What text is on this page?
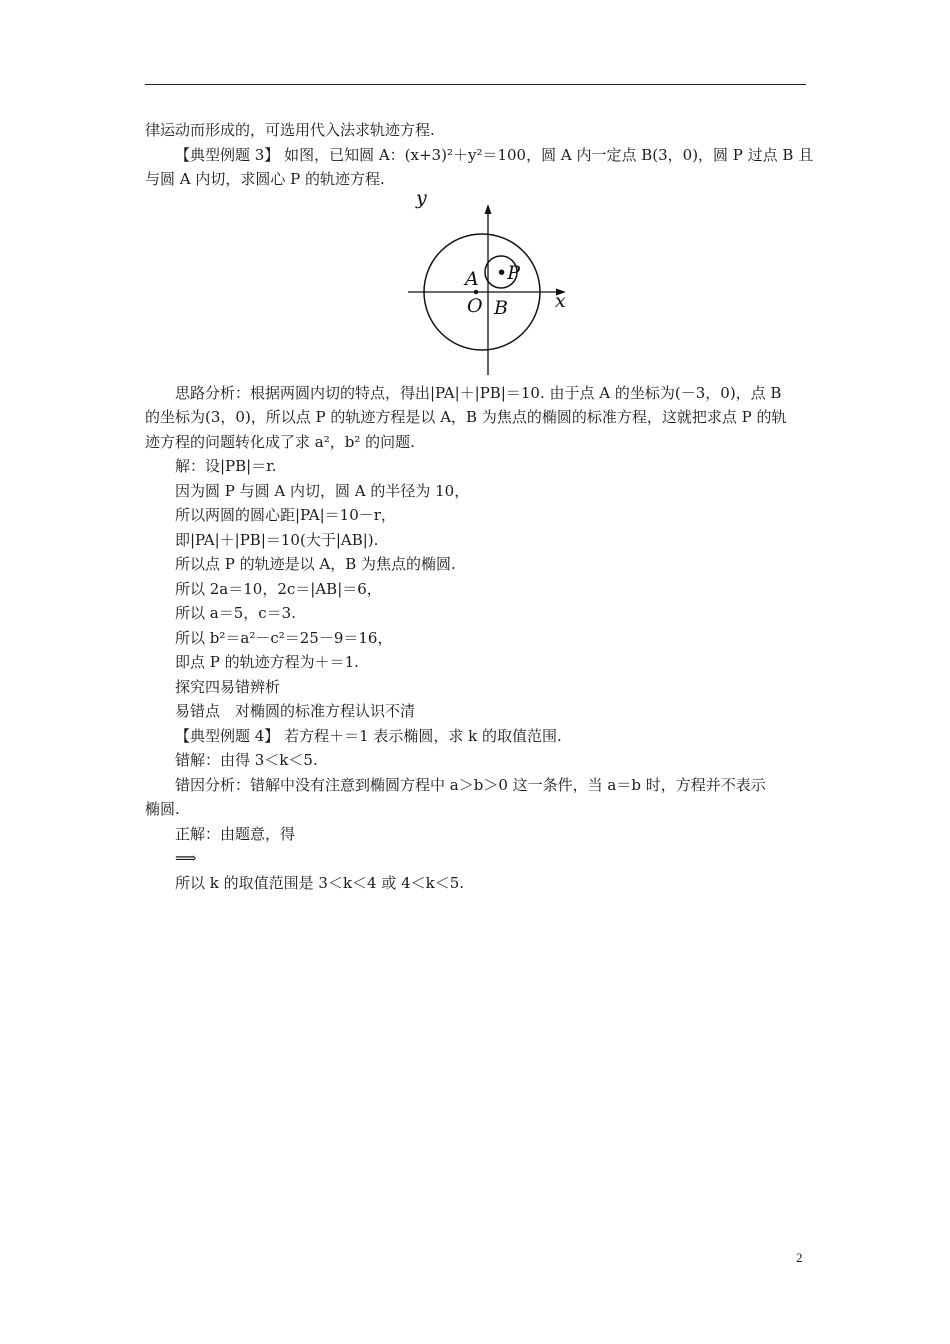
律运动而形成的，可选用代入法求轨迹方程.
【典型例题 3】 如图，已知圆 A：(x+3)²＋y²＝100，圆 A 内一定点 B(3，0)，圆 P 过点 B 且
与圆 A 内切，求圆心 P 的轨迹方程.
y
x
A •P
O B
思路分析：根据两圆内切的特点，得出|PA|＋|PB|＝10. 由于点 A 的坐标为(－3，0)，点 B
的坐标为(3，0)，所以点 P 的轨迹方程是以 A，B 为焦点的椭圆的标准方程，这就把求点 P 的轨
迹方程的问题转化成了求 a²，b² 的问题.
解：设|PB|＝r.
因为圆 P 与圆 A 内切，圆 A 的半径为 10，
所以两圆的圆心距|PA|＝10－r，
即|PA|＋|PB|＝10(大于|AB|).
所以点 P 的轨迹是以 A，B 为焦点的椭圆.
所以 2a＝10，2c＝|AB|＝6，
所以 a＝5，c＝3.
所以 b²＝a²－c²＝25－9＝16，
即点 P 的轨迹方程为＋＝1.
探究四易错辨析
易错点　对椭圆的标准方程认识不清
【典型例题 4】 若方程＋＝1 表示椭圆，求 k 的取值范围.
错解：由得 3＜k＜5.
错因分析：错解中没有注意到椭圆方程中 a＞b＞0 这一条件，当 a＝b 时，方程并不表示
椭圆.
正解：由题意，得
⟹
所以 k 的取值范围是 3＜k＜4 或 4＜k＜5.
2
